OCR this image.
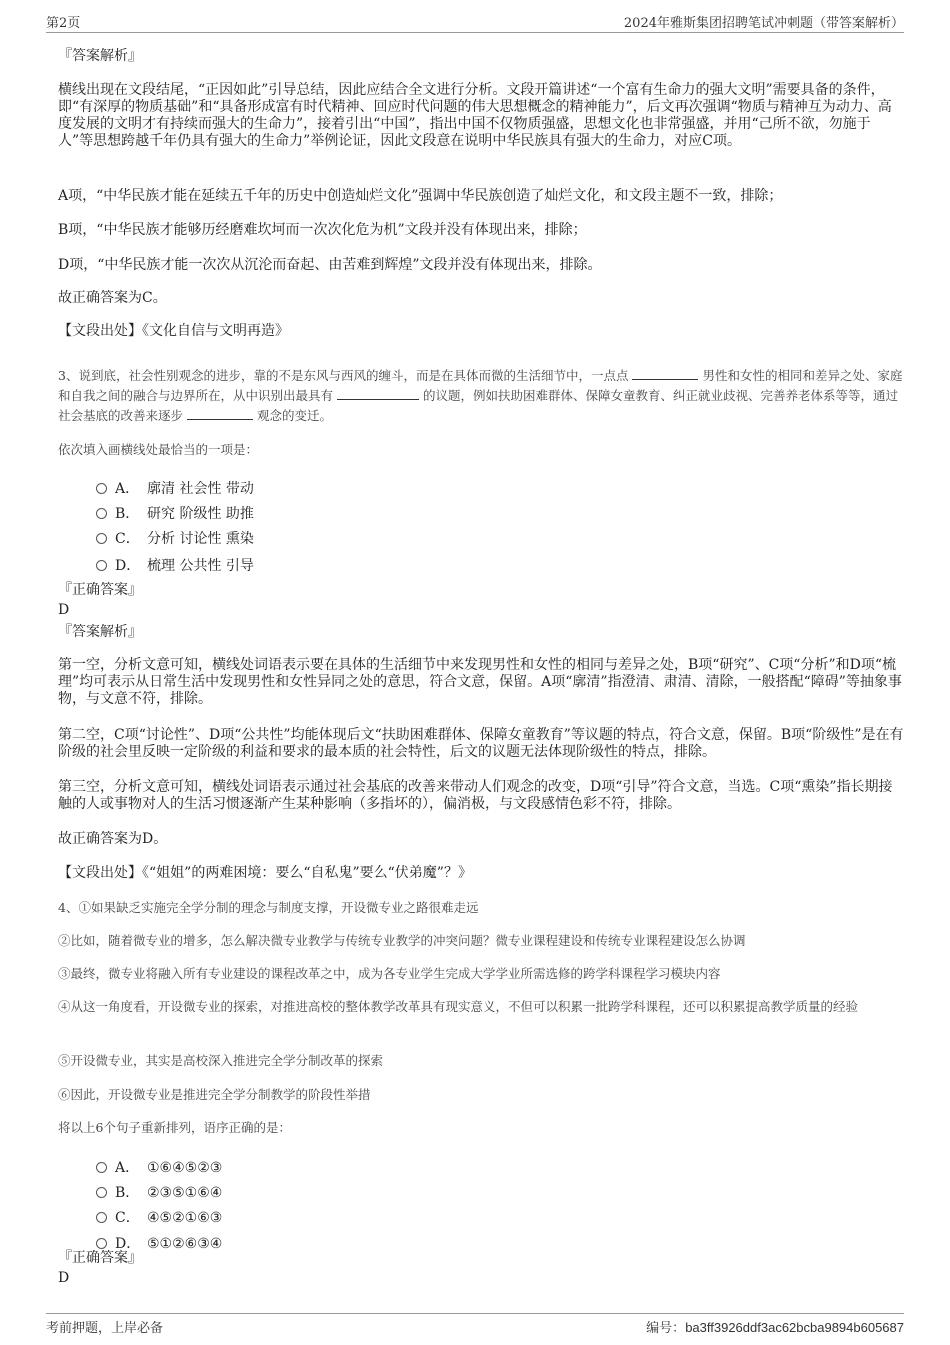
第2页	2024年雅斯集团招聘笔试冲刺题（带答案解析）
『答案解析』
横线出现在文段结尾，“正因如此”引导总结，因此应结合全文进行分析。文段开篇讲述“一个富有生命力的强大文明”需要具备的条件，即“有深厚的物质基础”和“具备形成富有时代精神、回应时代问题的伟大思想概念的精神能力”，后文再次强调“物质与精神互为动力、高度发展的文明才有持续而强大的生命力”，接着引出“中国”，指出中国不仅物质强盛，思想文化也非常强盛，并用“己所不欲，勿施于人”等思想跨越千年仍具有强大的生命力”举例论证，因此文段意在说明中华民族具有强大的生命力，对应C项。
A项，“中华民族才能在延续五千年的历史中创造灿烂文化”强调中华民族创造了灿烂文化，和文段主题不一致，排除；
B项，“中华民族才能够历经磨难坎坷而一次次化危为机”文段并没有体现出来，排除；
D项，“中华民族才能一次次从沉沦而奋起、由苦难到辉煌”文段并没有体现出来，排除。
故正确答案为C。
【文段出处】《文化自信与文明再造》
3、说到底，社会性别观念的进步，靠的不是东风与西风的缠斗，而是在具体而微的生活细节中，一点点	男性和女性的相同和差异之处、家庭和自我之间的融合与边界所在，从中识别出最具有	的议题，例如扶助困难群体、保障女童教育、纠正就业歧视、完善养老体系等等，通过社会基底的改善来逐步	观念的变迁。
依次填入画横线处最恰当的一项是：
A． 廓清 社会性 带动
B． 研究 阶级性 助推
C． 分析 讨论性 熏染
D． 梳理 公共性 引导
『正确答案』
D
『答案解析』
第一空，分析文意可知，横线处词语表示要在具体的生活细节中来发现男性和女性的相同与差异之处，B项“研究”、C项“分析”和D项“梳理”均可表示从日常生活中发现男性和女性异同之处的意思，符合文意，保留。A项“廓清”指澄清、肃清、清除，一般搭配“障碍”等抽象事物，与文意不符，排除。
第二空，C项“讨论性”、D项“公共性”均能体现后文“扶助困难群体、保障女童教育”等议题的特点，符合文意，保留。B项“阶级性”是在有阶级的社会里反映一定阶级的利益和要求的最本质的社会特性，后文的议题无法体现阶级性的特点，排除。
第三空，分析文意可知，横线处词语表示通过社会基底的改善来带动人们观念的改变，D项“引导”符合文意，当选。C项“熏染”指长期接触的人或事物对人的生活习惯逐渐产生某种影响（多指坏的），偏消极，与文段感情色彩不符，排除。
故正确答案为D。
【文段出处】《“姐姐”的两难困境：要么“自私鬼”要么“伏弟魔”？》
4、①如果缺乏实施完全学分制的理念与制度支撑，开设微专业之路很难走远
②比如，随着微专业的增多，怎么解决微专业教学与传统专业教学的冲突问题？微专业课程建设和传统专业课程建设怎么协调
③最终，微专业将融入所有专业建设的课程改革之中，成为各专业学生完成大学学业所需选修的跨学科课程学习模块内容
④从这一角度看，开设微专业的探索，对推进高校的整体教学改革具有现实意义，不但可以积累一批跨学科课程，还可以积累提高教学质量的经验
⑤开设微专业，其实是高校深入推进完全学分制改革的探索
⑥因此，开设微专业是推进完全学分制教学的阶段性举措
将以上6个句子重新排列，语序正确的是：
A． ①⑥④⑤②③
B． ②③⑤①⑥④
C． ④⑤②①⑥③
D． ⑤①②⑥③④
『正确答案』
D
考前押题，上岸必备	编号：ba3ff3926ddf3ac62bcba9894b605687
